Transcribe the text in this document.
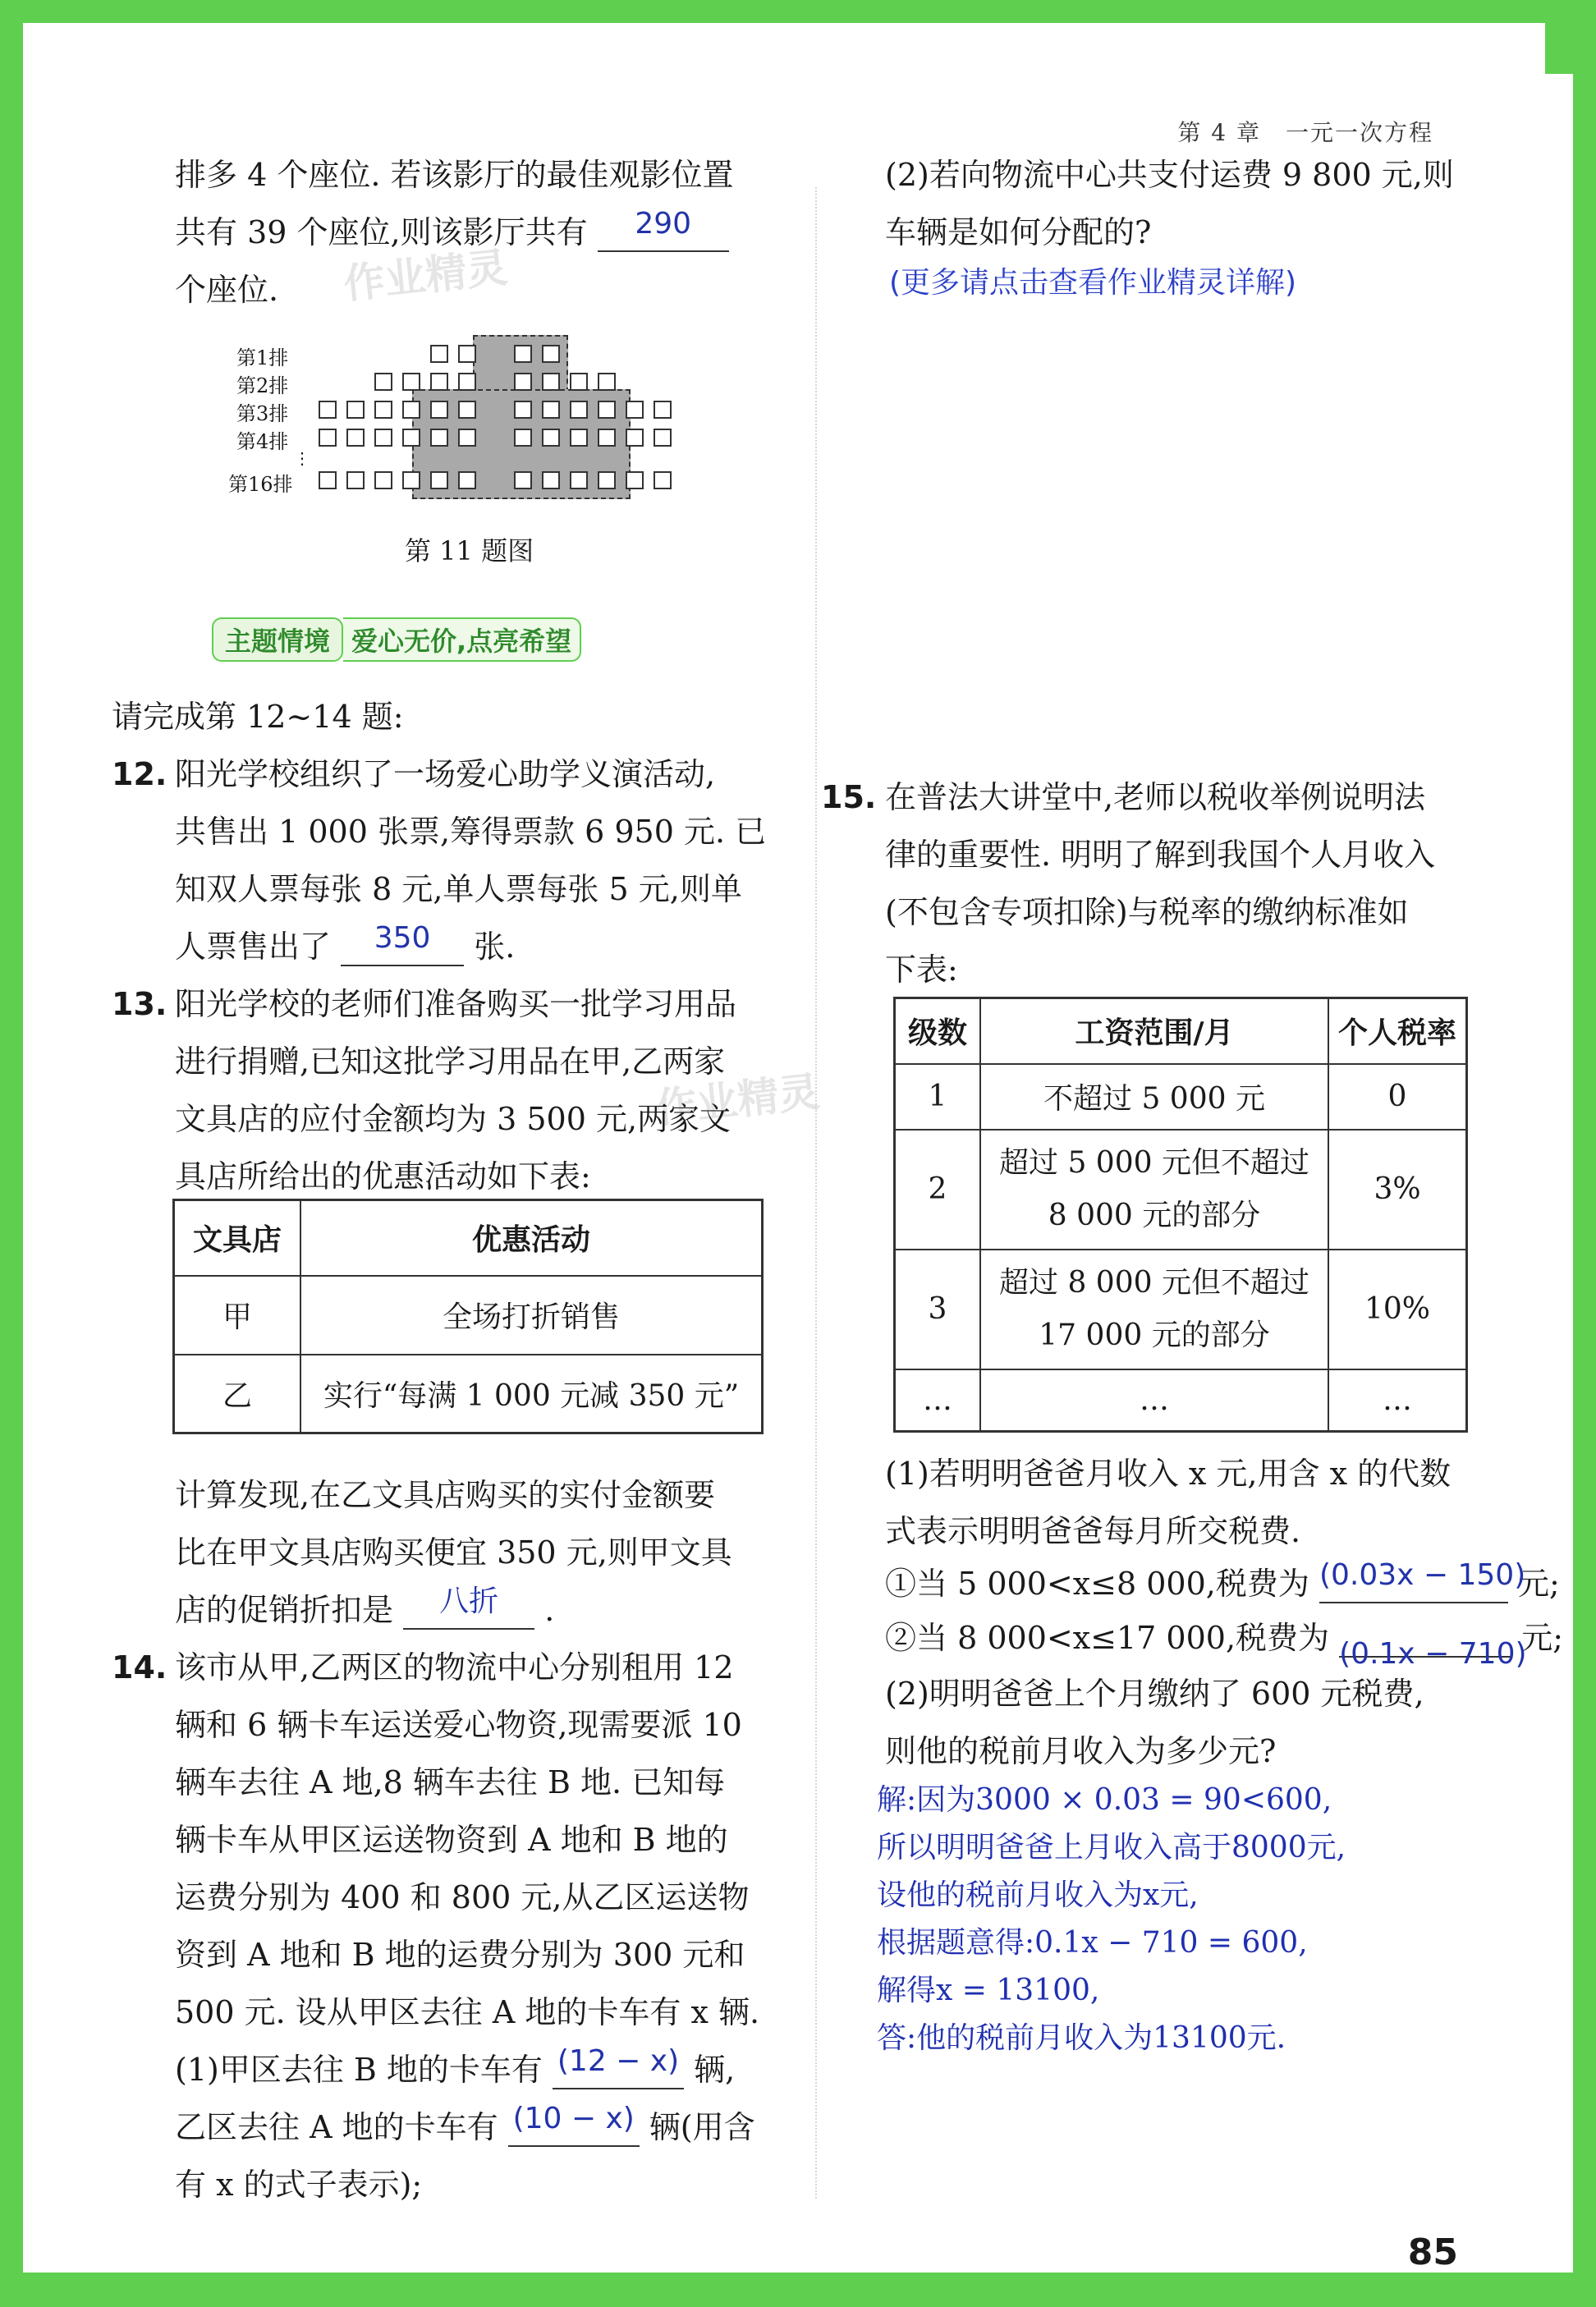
第 4 章　一元一次方程
作业精灵
作业精灵
排多 4 个座位. 若该影厅的最佳观影位置
共有 39 个座位,则该影厅共有 290
个座位.
第1排
第2排
第3排
第4排
⋮
第16排
第 11 题图
主题情境 爱心无价,点亮希望
请完成第 12~14 题:
12. 阳光学校组织了一场爱心助学义演活动,
共售出 1 000 张票,筹得票款 6 950 元. 已
知双人票每张 8 元,单人票每张 5 元,则单
人票售出了 350 张.
13. 阳光学校的老师们准备购买一批学习用品
进行捐赠,已知这批学习用品在甲,乙两家
文具店的应付金额均为 3 500 元,两家文
具店所给出的优惠活动如下表:
文具店	优惠活动
甲	全场打折销售
乙	实行“每满 1 000 元减 350 元”
计算发现,在乙文具店购买的实付金额要
比在甲文具店购买便宜 350 元,则甲文具
店的促销折扣是 八折 .
14. 该市从甲,乙两区的物流中心分别租用 12
辆和 6 辆卡车运送爱心物资,现需要派 10
辆车去往 A 地,8 辆车去往 B 地. 已知每
辆卡车从甲区运送物资到 A 地和 B 地的
运费分别为 400 和 800 元,从乙区运送物
资到 A 地和 B 地的运费分别为 300 元和
500 元. 设从甲区去往 A 地的卡车有 x 辆.
(1)甲区去往 B 地的卡车有 (12 − x) 辆,
乙区去往 A 地的卡车有 (10 − x) 辆(用含
有 x 的式子表示);
(2)若向物流中心共支付运费 9 800 元,则
车辆是如何分配的?
(更多请点击查看作业精灵详解)
15. 在普法大讲堂中,老师以税收举例说明法
律的重要性. 明明了解到我国个人月收入
(不包含专项扣除)与税率的缴纳标准如
下表:
级数	工资范围/月	个人税率
1	不超过 5 000 元	0
2	超过 5 000 元但不超过
8 000 元的部分	3%
3	超过 8 000 元但不超过
17 000 元的部分	10%
…	…	…
(1)若明明爸爸月收入 x 元,用含 x 的代数
式表示明明爸爸每月所交税费.
①当 5 000<x≤8 000,税费为 (0.03x − 150) 元;
②当 8 000<x≤17 000,税费为 (0.1x − 710) 元;
(2)明明爸爸上个月缴纳了 600 元税费,
则他的税前月收入为多少元?
解:因为3000 × 0.03 = 90<600,
所以明明爸爸上月收入高于8000元,
设他的税前月收入为x元,
根据题意得:0.1x − 710 = 600,
解得x = 13100,
答:他的税前月收入为13100元.
85
